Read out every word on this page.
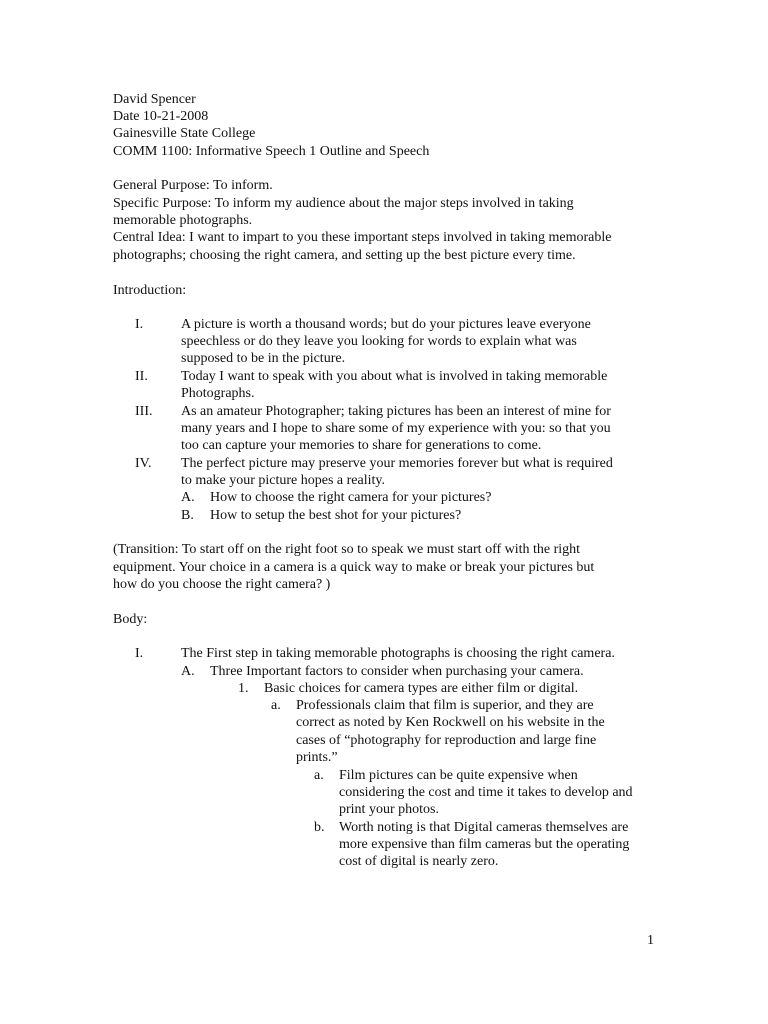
David Spencer
Date 10-21-2008
Gainesville State College
COMM 1100: Informative Speech 1 Outline and Speech
General Purpose: To inform.
Specific Purpose: To inform my audience about the major steps involved in taking
memorable photographs.
Central Idea: I want to impart to you these important steps involved in taking memorable
photographs; choosing the right camera, and setting up the best picture every time.
Introduction:
I.	A picture is worth a thousand words; but do your pictures leave everyone
speechless or do they leave you looking for words to explain what was
supposed to be in the picture.
II. Today I want to speak with you about what is involved in taking memorable
Photographs.
III. As an amateur Photographer; taking pictures has been an interest of mine for
many years and I hope to share some of my experience with you: so that you
too can capture your memories to share for generations to come.
IV. The perfect picture may preserve your memories forever but what is required
to make your picture hopes a reality.
A. How to choose the right camera for your pictures?
B. How to setup the best shot for your pictures?
(Transition: To start off on the right foot so to speak we must start off with the right
equipment. Your choice in a camera is a quick way to make or break your pictures but
how do you choose the right camera? )
Body:
I.	The First step in taking memorable photographs is choosing the right camera.
A. Three Important factors to consider when purchasing your camera.
1. Basic choices for camera types are either film or digital.
a. Professionals claim that film is superior, and they are
correct as noted by Ken Rockwell on his website in the
cases of “photography for reproduction and large fine
prints.”
a. Film pictures can be quite expensive when
considering the cost and time it takes to develop and
print your photos.
b. Worth noting is that Digital cameras themselves are
more expensive than film cameras but the operating
cost of digital is nearly zero.
1
